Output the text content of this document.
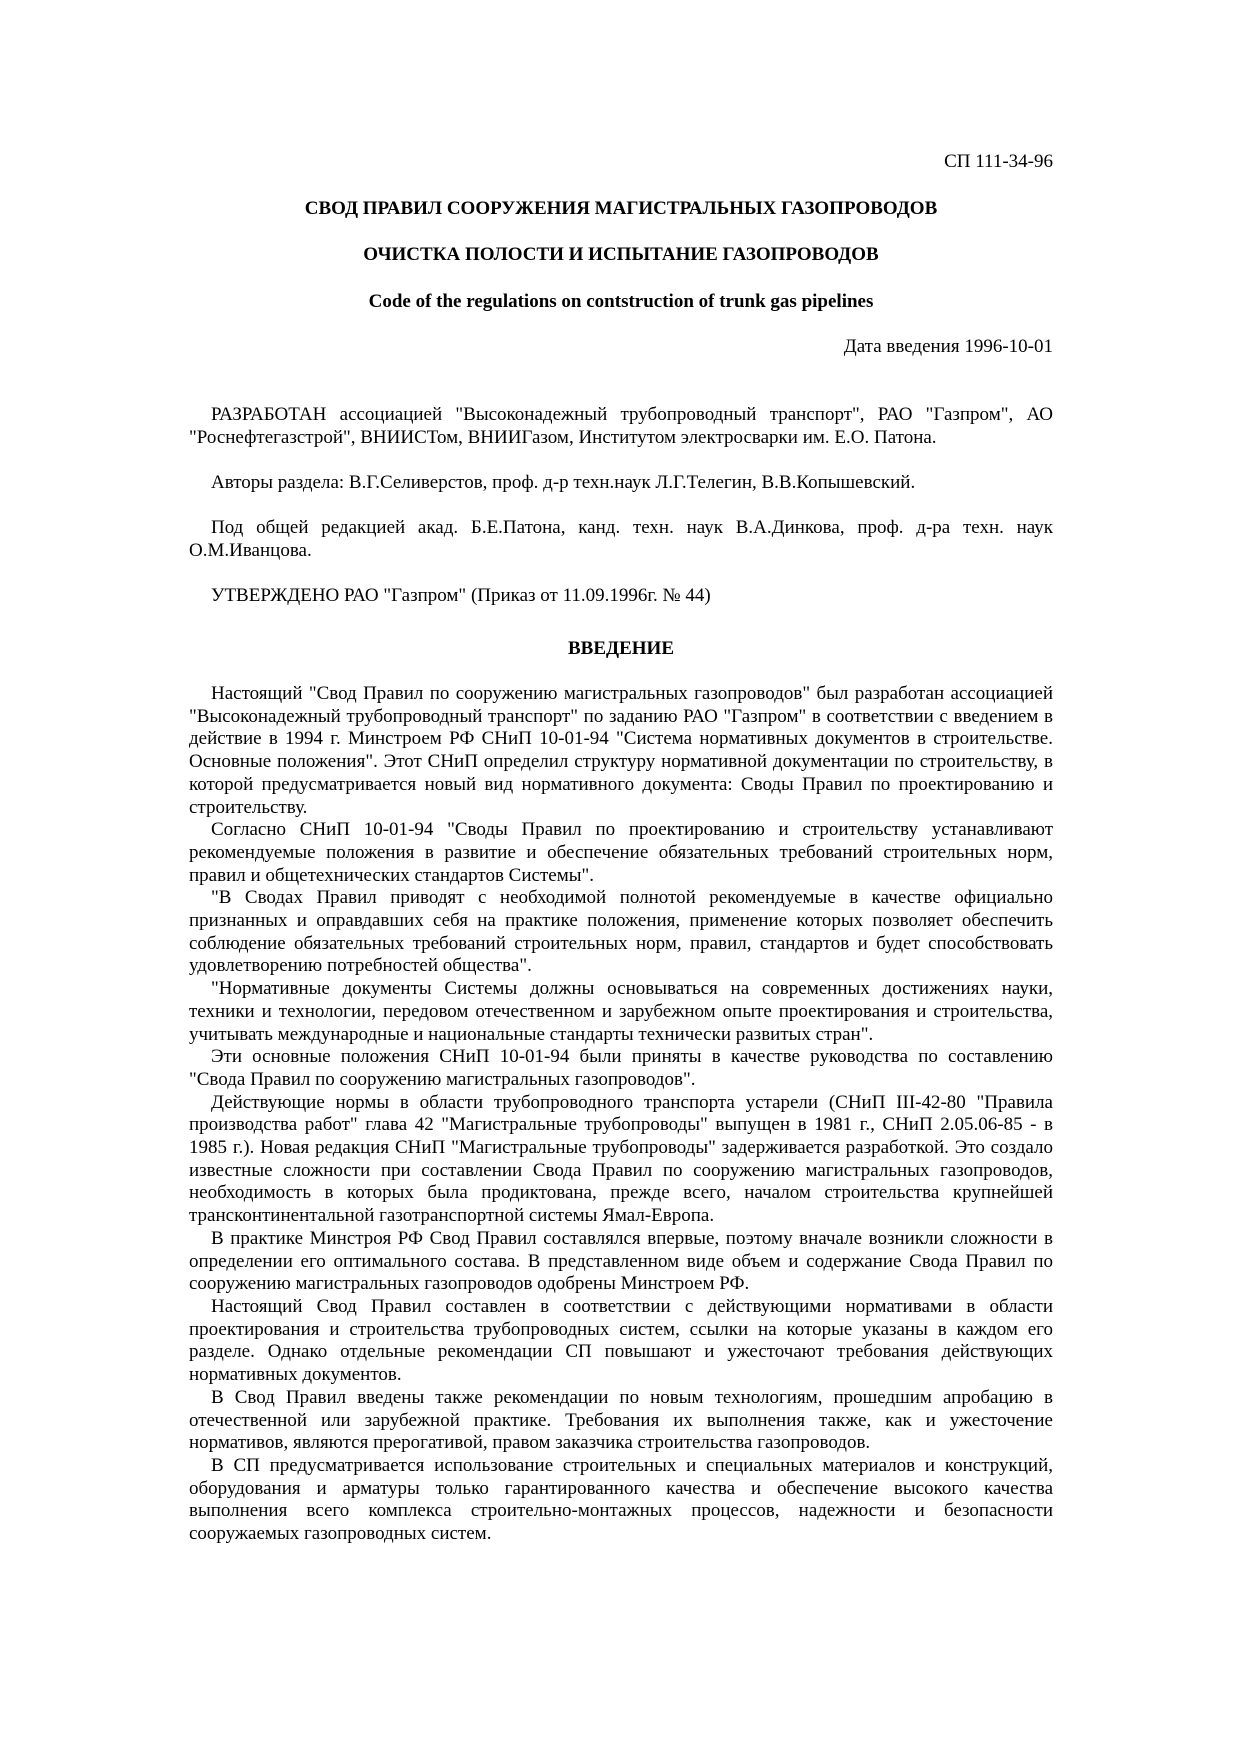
СП 111-34-96

СВОД ПРАВИЛ СООРУЖЕНИЯ МАГИСТРАЛЬНЫХ ГАЗОПРОВОДОВ

ОЧИСТКА ПОЛОСТИ И ИСПЫТАНИЕ ГАЗОПРОВОДОВ

Code of the regulations on contstruction of trunk gas pipelines

Дата введения 1996-10-01

РАЗРАБОТАН ассоциацией "Высоконадежный трубопроводный транспорт", РАО "Газпром", АО "Роснефтегазстрой", ВНИИСТом, ВНИИГазом, Институтом электросварки им. Е.О. Патона.

Авторы раздела: В.Г.Селиверстов, проф. д-р техн.наук Л.Г.Телегин, В.В.Копышевский.

Под общей редакцией акад. Б.Е.Патона, канд. техн. наук В.А.Динкова, проф. д-ра техн. наук О.М.Иванцова.

УТВЕРЖДЕНО РАО "Газпром" (Приказ от 11.09.1996г. № 44)

ВВЕДЕНИЕ

Настоящий "Свод Правил по сооружению магистральных газопроводов" был разработан ассоциацией "Высоконадежный трубопроводный транспорт" по заданию РАО "Газпром" в соответствии с введением в действие в 1994 г. Минстроем РФ СНиП 10-01-94 "Система нормативных документов в строительстве. Основные положения". Этот СНиП определил структуру нормативной документации по строительству, в которой предусматривается новый вид нормативного документа: Своды Правил по проектированию и строительству.

Согласно СНиП 10-01-94 "Своды Правил по проектированию и строительству устанавливают рекомендуемые положения в развитие и обеспечение обязательных требований строительных норм, правил и общетехнических стандартов Системы".

"В Сводах Правил приводят с необходимой полнотой рекомендуемые в качестве официально признанных и оправдавших себя на практике положения, применение которых позволяет обеспечить соблюдение обязательных требований строительных норм, правил, стандартов и будет способствовать удовлетворению потребностей общества".

"Нормативные документы Системы должны основываться на современных достижениях науки, техники и технологии, передовом отечественном и зарубежном опыте проектирования и строительства, учитывать международные и национальные стандарты технически развитых стран".

Эти основные положения СНиП 10-01-94 были приняты в качестве руководства по составлению "Свода Правил по сооружению магистральных газопроводов".

Действующие нормы в области трубопроводного транспорта устарели (СНиП III-42-80 "Правила производства работ" глава 42 "Магистральные трубопроводы" выпущен в 1981 г., СНиП 2.05.06-85 - в 1985 г.). Новая редакция СНиП "Магистральные трубопроводы" задерживается разработкой. Это создало известные сложности при составлении Свода Правил по сооружению магистральных газопроводов, необходимость в которых была продиктована, прежде всего, началом строительства крупнейшей трансконтинентальной газотранспортной системы Ямал-Европа.

В практике Минстроя РФ Свод Правил составлялся впервые, поэтому вначале возникли сложности в определении его оптимального состава. В представленном виде объем и содержание Свода Правил по сооружению магистральных газопроводов одобрены Минстроем РФ.

Настоящий Свод Правил составлен в соответствии с действующими нормативами в области проектирования и строительства трубопроводных систем, ссылки на которые указаны в каждом его разделе. Однако отдельные рекомендации СП повышают и ужесточают требования действующих нормативных документов.

В Свод Правил введены также рекомендации по новым технологиям, прошедшим апробацию в отечественной или зарубежной практике. Требования их выполнения также, как и ужесточение нормативов, являются прерогативой, правом заказчика строительства газопроводов.

В СП предусматривается использование строительных и специальных материалов и конструкций, оборудования и арматуры только гарантированного качества и обеспечение высокого качества выполнения всего комплекса строительно-монтажных процессов, надежности и безопасности сооружаемых газопроводных систем.
